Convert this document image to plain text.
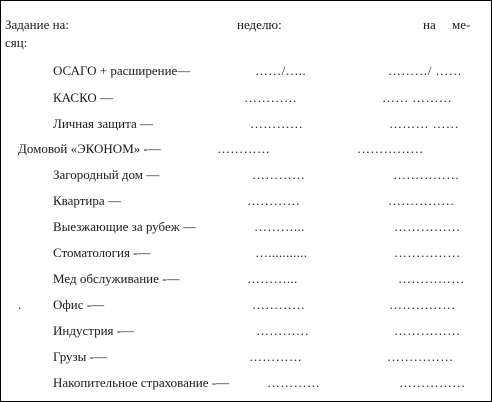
Задание на:	неделю:	на ме-
сяц:
ОСАГО + расширение—	……/…..	………/ ……
КАСКО —	…………	…… ………
Личная защита —	…………	……… ……
Домовой «ЭКОНОМ» -—	…………	……………
Загородный дом —	…………	……………
Квартира —	…………	……………
Выезжающие за рубеж —	………...	……………
Стоматология -—	…...........	……………
Мед обслуживание -—	………...	……………
. Офис -—	…………	……………
Индустрия -—	…………	……………
Грузы -—	…………	……………
Накопительное страхование -—	…………	……………
